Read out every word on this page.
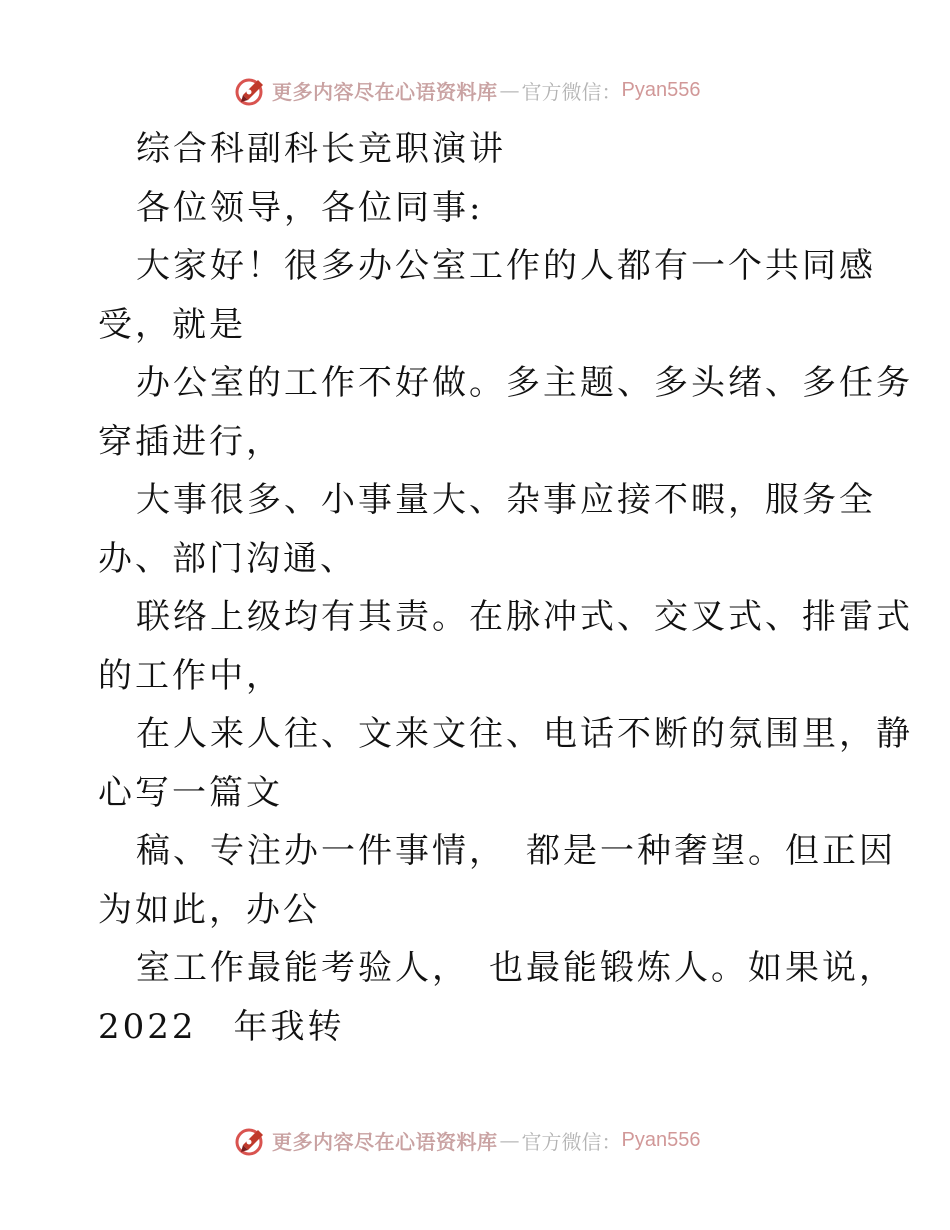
更多内容尽在心语资料库 — 官方微信： Pyan556
综合科副科长竞职演讲
各位领导，各位同事:
大家好！很多办公室工作的人都有一个共同感
受，就是
办公室的工作不好做。多主题、多头绪、多任务
穿插进行，
大事很多、小事量大、杂事应接不暇，服务全
办、部门沟通、
联络上级均有其责。在脉冲式、交叉式、排雷式
的工作中，
在人来人往、文来文往、电话不断的氛围里，静
心写一篇文
稿、专注办一件事情，　都是一种奢望。但正因
为如此，办公
室工作最能考验人，　也最能锻炼人。如果说，
2022　年我转
更多内容尽在心语资料库 — 官方微信： Pyan556
